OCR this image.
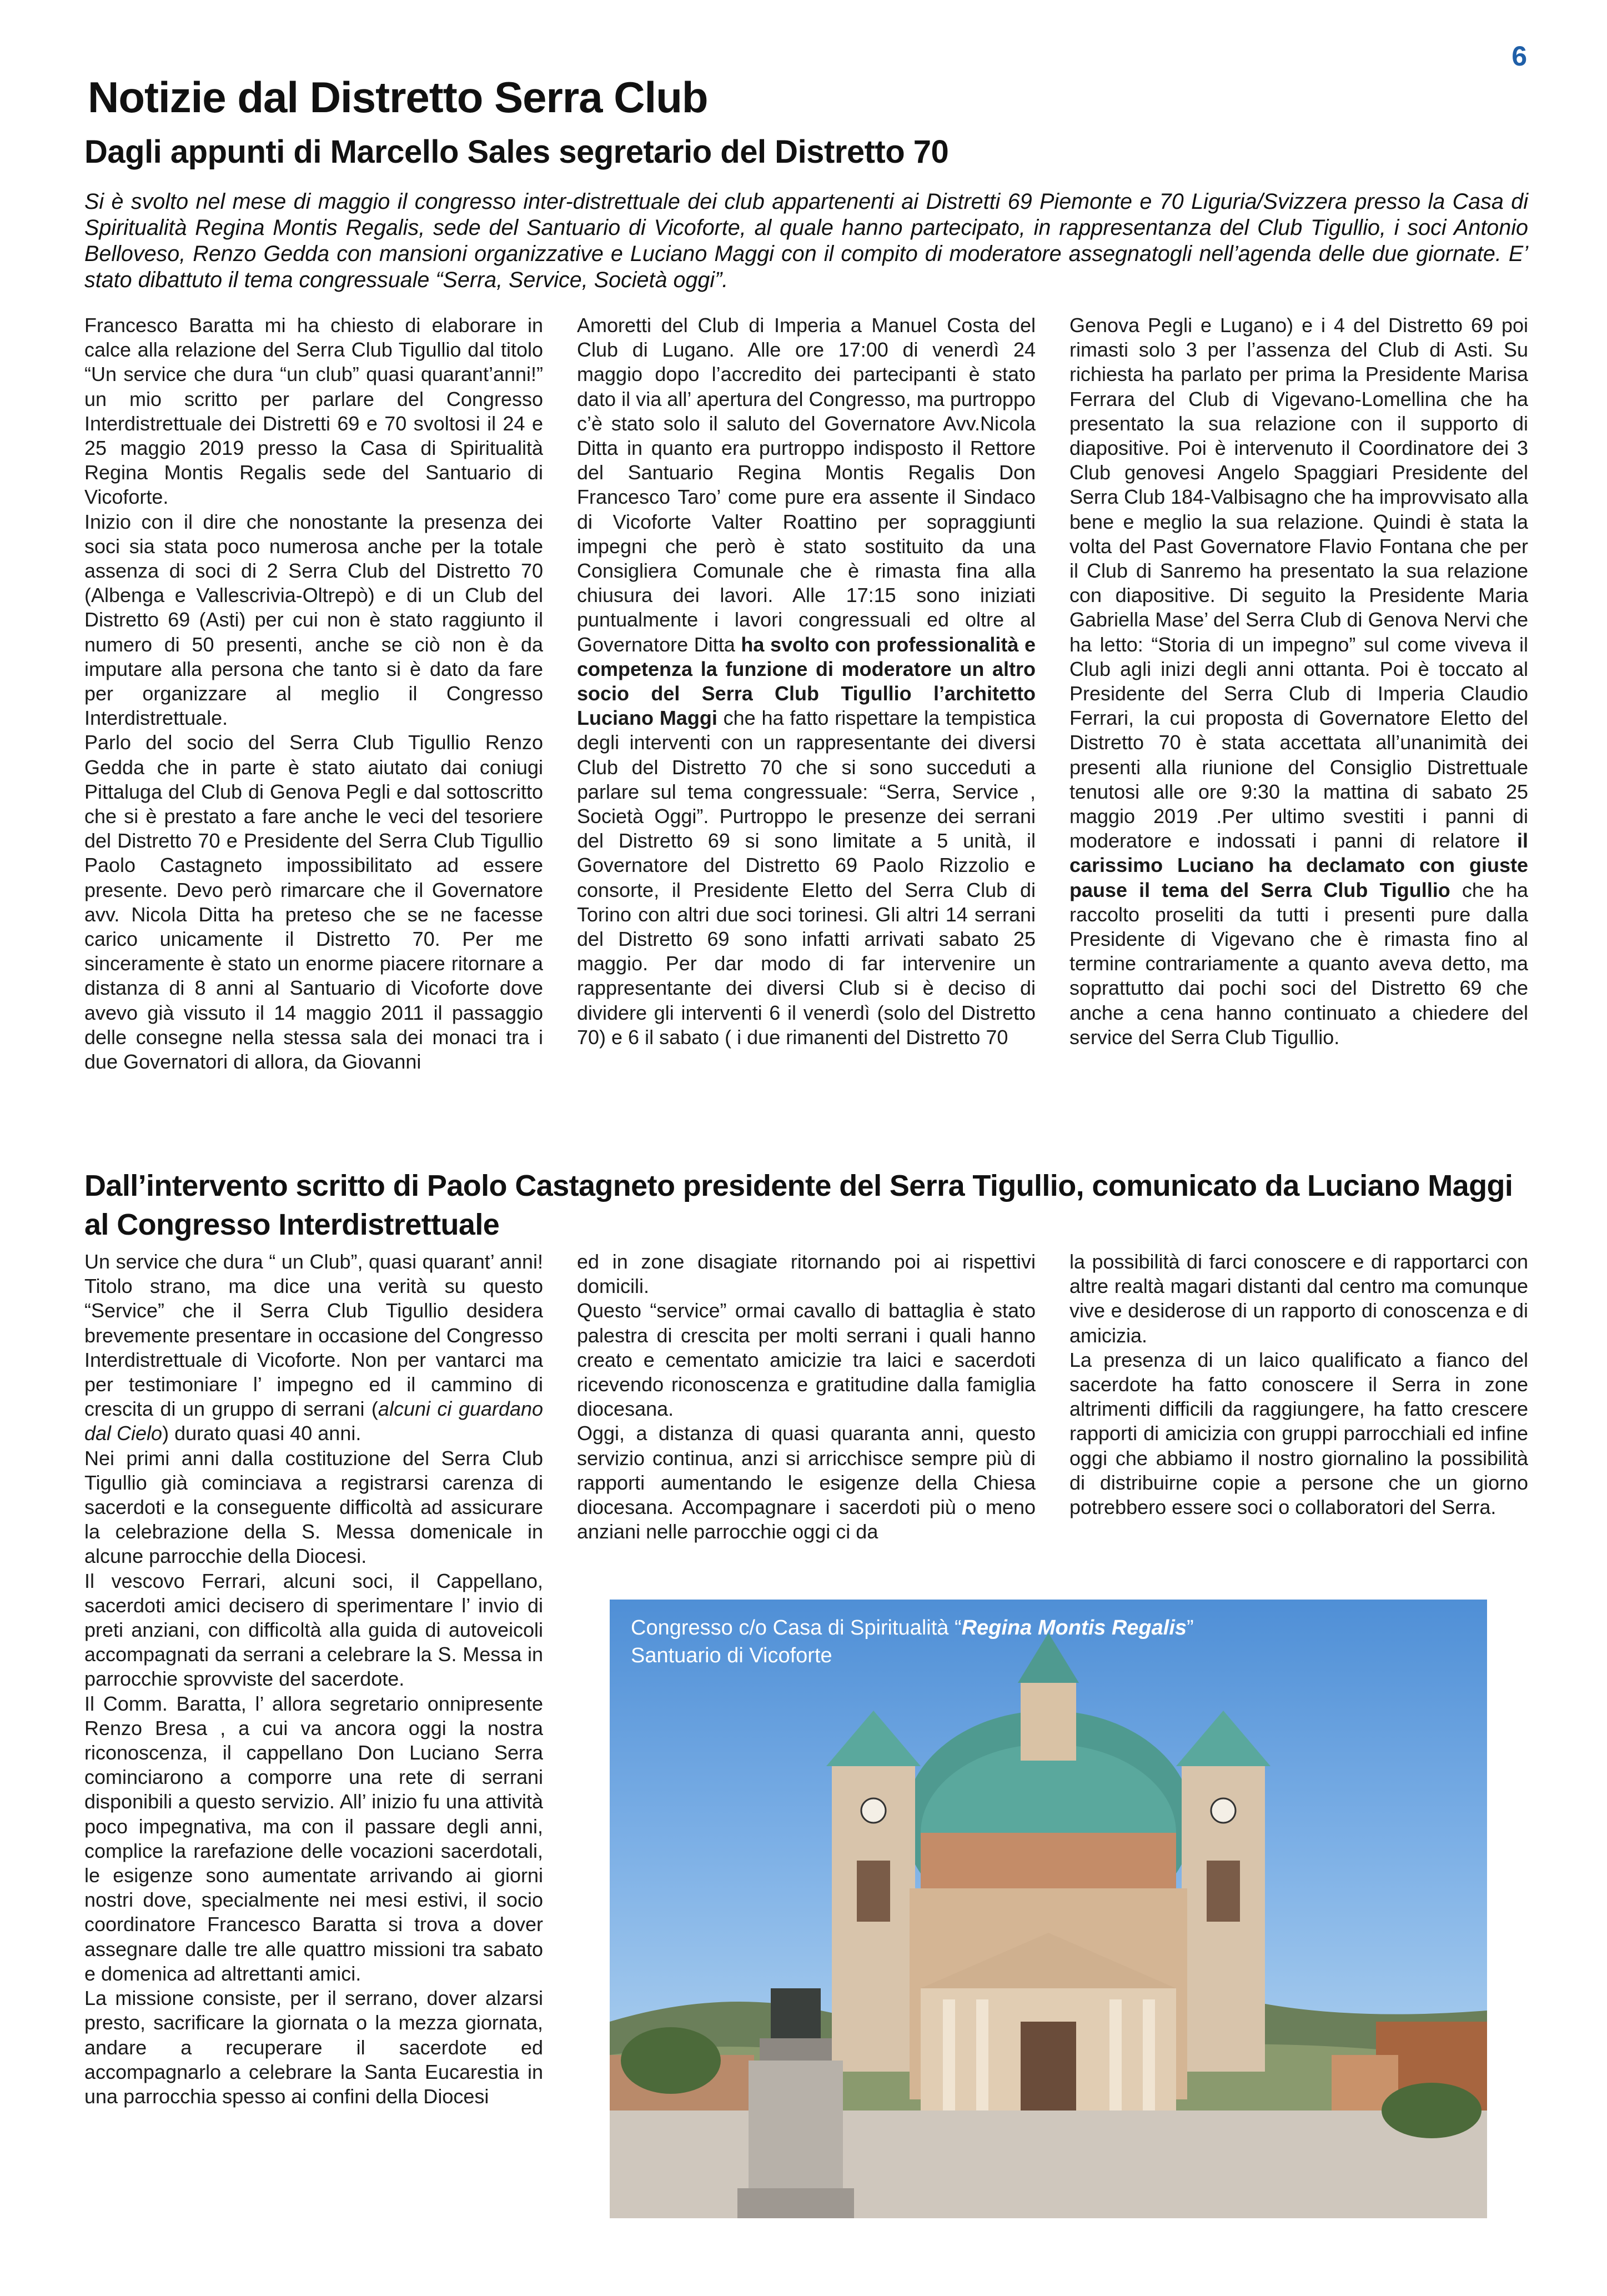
6
Notizie dal Distretto Serra Club
Dagli appunti di Marcello Sales segretario del Distretto 70

Si è svolto nel mese di maggio il congresso inter-distrettuale dei club appartenenti ai Distretti 69 Piemonte e 70 Liguria/Svizzera presso la Casa di Spiritualità Regina Montis Regalis, sede del Santuario di Vicoforte, al quale hanno partecipato, in rappresentanza del Club Tigullio, i soci Antonio Belloveso, Renzo Gedda con mansioni organizzative e Luciano Maggi con il compito di moderatore assegnatogli nell’agenda delle due giornate. E’ stato dibattuto il tema congressuale “Serra, Service, Società oggi”.

Francesco Baratta mi ha chiesto di elaborare in calce alla relazione del Serra Club Tigullio dal titolo “Un service che dura “un club” quasi quarant’anni!” un mio scritto per parlare del Congresso Interdistrettuale dei Distretti 69 e 70 svoltosi il 24 e 25 maggio 2019 presso la Casa di Spiritualità Regina Montis Regalis sede del Santuario di Vicoforte.

Inizio con il dire che nonostante la presenza dei soci sia stata poco numerosa anche per la totale assenza di soci di 2 Serra Club del Distretto 70 (Albenga e Vallescrivia-Oltrepò) e di un Club del Distretto 69 (Asti) per cui non è stato raggiunto il numero di 50 presenti, anche se ciò non è da imputare alla persona che tanto si è dato da fare per organizzare al meglio il Congresso Interdistrettuale.

Parlo del socio del Serra Club Tigullio Renzo Gedda che in parte è stato aiutato dai coniugi Pittaluga del Club di Genova Pegli e dal sottoscritto che si è prestato a fare anche le veci del tesoriere del Distretto 70 e Presidente del Serra Club Tigullio Paolo Castagneto impossibilitato ad essere presente. Devo però rimarcare che il Governatore avv. Nicola Ditta ha preteso che se ne facesse carico unicamente il Distretto 70. Per me sinceramente è stato un enorme piacere ritornare a distanza di 8 anni al Santuario di Vicoforte dove avevo già vissuto il 14 maggio 2011 il passaggio delle consegne nella stessa sala dei monaci tra i due Governatori di allora, da Giovanni

Amoretti del Club di Imperia a Manuel Costa del Club di Lugano. Alle ore 17:00 di venerdì 24 maggio dopo l’accredito dei partecipanti è stato dato il via all’ apertura del Congresso, ma purtroppo c’è stato solo il saluto del Governatore Avv.Nicola Ditta in quanto era purtroppo indisposto il Rettore del Santuario Regina Montis Regalis Don Francesco Taro’ come pure era assente il Sindaco di Vicoforte Valter Roattino per sopraggiunti impegni che però è stato sostituito da una Consigliera Comunale che è rimasta fina alla chiusura dei lavori. Alle 17:15 sono iniziati puntualmente i lavori congressuali ed oltre al Governatore Ditta ha svolto con professionalità e competenza la funzione di moderatore un altro socio del Serra Club Tigullio l’architetto Luciano Maggi che ha fatto rispettare la tempistica degli interventi con un rappresentante dei diversi Club del Distretto 70 che si sono succeduti a parlare sul tema congressuale: “Serra, Service , Società Oggi”. Purtroppo le presenze dei serrani del Distretto 69 si sono limitate a 5 unità, il Governatore del Distretto 69 Paolo Rizzolio e consorte, il Presidente Eletto del Serra Club di Torino con altri due soci torinesi. Gli altri 14 serrani del Distretto 69 sono infatti arrivati sabato 25 maggio. Per dar modo di far intervenire un rappresentante dei diversi Club si è deciso di dividere gli interventi 6 il venerdì (solo del Distretto 70) e 6 il sabato ( i due rimanenti del Distretto 70

Genova Pegli e Lugano) e i 4 del Distretto 69 poi rimasti solo 3 per l’assenza del Club di Asti. Su richiesta ha parlato per prima la Presidente Marisa Ferrara del Club di Vigevano-Lomellina che ha presentato la sua relazione con il supporto di diapositive. Poi è intervenuto il Coordinatore dei 3 Club genovesi Angelo Spaggiari Presidente del Serra Club 184-Valbisagno che ha improvvisato alla bene e meglio la sua relazione. Quindi è stata la volta del Past Governatore Flavio Fontana che per il Club di Sanremo ha presentato la sua relazione con diapositive. Di seguito la Presidente Maria Gabriella Mase’ del Serra Club di Genova Nervi che ha letto: “Storia di un impegno” sul come viveva il Club agli inizi degli anni ottanta. Poi è toccato al Presidente del Serra Club di Imperia Claudio Ferrari, la cui proposta di Governatore Eletto del Distretto 70 è stata accettata all’unanimità dei presenti alla riunione del Consiglio Distrettuale tenutosi alle ore 9:30 la mattina di sabato 25 maggio 2019 .Per ultimo svestiti i panni di moderatore e indossati i panni di relatore il carissimo Luciano ha declamato con giuste pause il tema del Serra Club Tigullio che ha raccolto proseliti da tutti i presenti pure dalla Presidente di Vigevano che è rimasta fino al termine contrariamente a quanto aveva detto, ma soprattutto dai pochi soci del Distretto 69 che anche a cena hanno continuato a chiedere del service del Serra Club Tigullio.

Dall’intervento scritto di Paolo Castagneto presidente del Serra Tigullio, comunicato da Luciano Maggi al Congresso Interdistrettuale

Un service che dura “ un Club”, quasi quarant’ anni! Titolo strano, ma dice una verità su questo “Service” che il Serra Club Tigullio desidera brevemente presentare in occasione del Congresso Interdistrettuale di Vicoforte. Non per vantarci ma per testimoniare l’ impegno ed il cammino di crescita di un gruppo di serrani (alcuni ci guardano dal Cielo) durato quasi 40 anni.

Nei primi anni dalla costituzione del Serra Club Tigullio già cominciava a registrarsi carenza di sacerdoti e la conseguente difficoltà ad assicurare la celebrazione della S. Messa domenicale in alcune parrocchie della Diocesi.

Il vescovo Ferrari, alcuni soci, il Cappellano, sacerdoti amici decisero di sperimentare l’ invio di preti anziani, con difficoltà alla guida di autoveicoli accompagnati da serrani a celebrare la S. Messa in parrocchie sprovviste del sacerdote.

Il Comm. Baratta, l’ allora segretario onnipresente Renzo Bresa , a cui va ancora oggi la nostra riconoscenza, il cappellano Don Luciano Serra cominciarono a comporre una rete di serrani disponibili a questo servizio. All’ inizio fu una attività poco impegnativa, ma con il passare degli anni, complice la rarefazione delle vocazioni sacerdotali, le esigenze sono aumentate arrivando ai giorni nostri dove, specialmente nei mesi estivi, il socio coordinatore Francesco Baratta si trova a dover assegnare dalle tre alle quattro missioni tra sabato e domenica ad altrettanti amici.

La missione consiste, per il serrano, dover alzarsi presto, sacrificare la giornata o la mezza giornata, andare a recuperare il sacerdote ed accompagnarlo a celebrare la Santa Eucarestia in una parrocchia spesso ai confini della Diocesi

ed in zone disagiate ritornando poi ai rispettivi domicili.

Questo “service” ormai cavallo di battaglia è stato palestra di crescita per molti serrani i quali hanno creato e cementato amicizie tra laici e sacerdoti ricevendo riconoscenza e gratitudine dalla famiglia diocesana.

Oggi, a distanza di quasi quaranta anni, questo servizio continua, anzi si arricchisce sempre più di rapporti aumentando le esigenze della Chiesa diocesana. Accompagnare i sacerdoti più o meno anziani nelle parrocchie oggi ci da

la possibilità di farci conoscere e di rapportarci con altre realtà magari distanti dal centro ma comunque vive e desiderose di un rapporto di conoscenza e di amicizia.

La presenza di un laico qualificato a fianco del sacerdote ha fatto conoscere il Serra in zone altrimenti difficili da raggiungere, ha fatto crescere rapporti di amicizia con gruppi parrocchiali ed infine oggi che abbiamo il nostro giornalino la possibilità di distribuirne copie a persone che un giorno potrebbero essere soci o collaboratori del Serra.

Congresso c/o Casa di Spiritualità “Regina Montis Regalis”
Santuario di Vicoforte
